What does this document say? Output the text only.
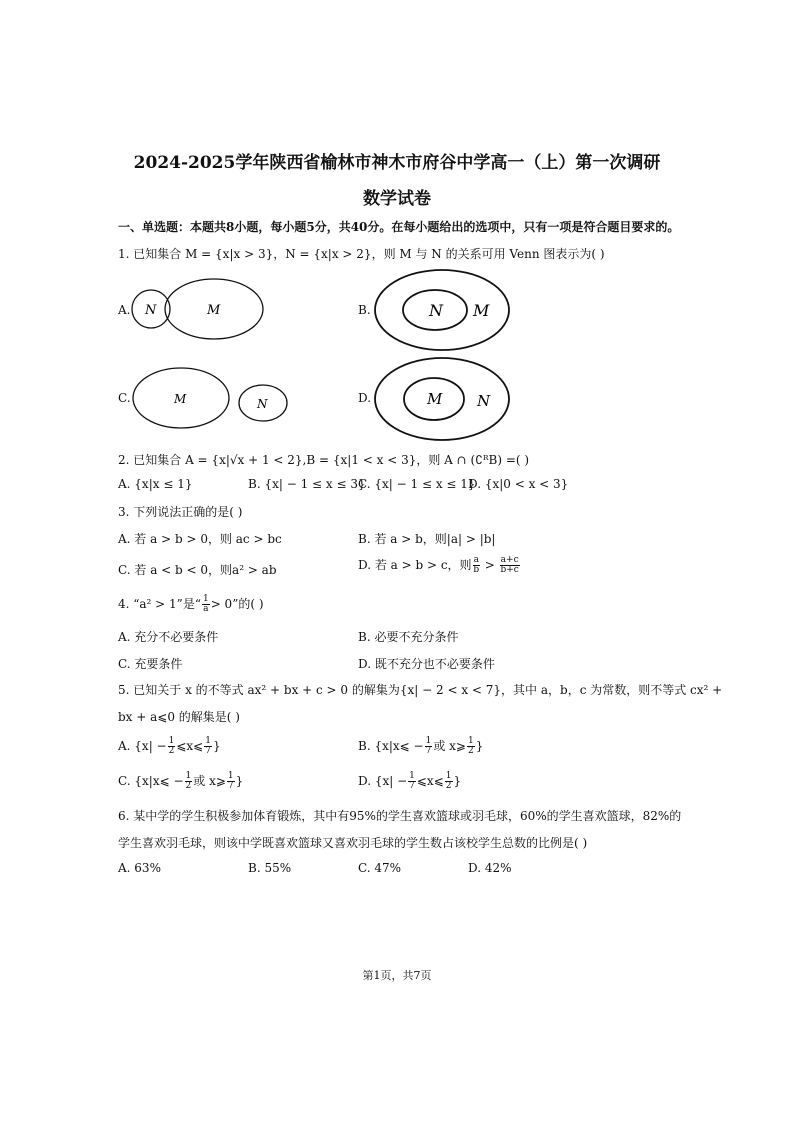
2024-2025学年陕西省榆林市神木市府谷中学高一（上）第一次调研
数学试卷
一、单选题：本题共8小题，每小题5分，共40分。在每小题给出的选项中，只有一项是符合题目要求的。
1. 已知集合 M = {x|x > 3}，N = {x|x > 2}，则 M 与 N 的关系可用 Venn 图表示为( )
A. N	M	B.	N M
C.	M	N	D.	M N
2. 已知集合 A = {x|√x + 1 < 2},B = {x|1 < x < 3}，则 A ∩ (∁ᴿB) =( )
A. {x|x ≤ 1}	B. {x| − 1 ≤ x ≤ 3}
C. {x| − 1 ≤ x ≤ 1}
D. {x|0 < x < 3}
3. 下列说法正确的是( )
A. 若 a > b > 0，则 ac > bc	B. 若 a > b，则|a| > |b|
C. 若 a < b < 0，则a² > ab	D. 若 a > b > c，则 $\frac{a}{b} > \frac{a+c}{b+c}$
4. “a² > 1”是“ $\frac{1}{a} > 0$”的( )
A. 充分不必要条件	B. 必要不充分条件
C. 充要条件	D. 既不充分也不必要条件
5. 已知关于 x 的不等式 ax² + bx + c > 0 的解集为{x| − 2 < x < 7}，其中 a，b，c 为常数，则不等式 cx² +
bx + a⩽0 的解集是( )
A. {$x| - \frac{1}{2}$ ⩽x⩽ $\frac{1}{7}$ }	B. {x|x⩽ − $\frac{1}{7}$ 或 x⩾ $\frac{1}{2}$ }
C. {x|x⩽ − $\frac{1}{2}$ 或 x⩾ $\frac{1}{7}$ }	D. {$x| - \frac{1}{7}$ ⩽x⩽ $\frac{1}{2}$ }
6. 某中学的学生积极参加体育锻炼，其中有95%的学生喜欢篮球或羽毛球，60%的学生喜欢篮球，82%的
学生喜欢羽毛球，则该中学既喜欢篮球又喜欢羽毛球的学生数占该校学生总数的比例是( )
A. 63%	B. 55%	C. 47%	D. 42%
第1页，共7页
